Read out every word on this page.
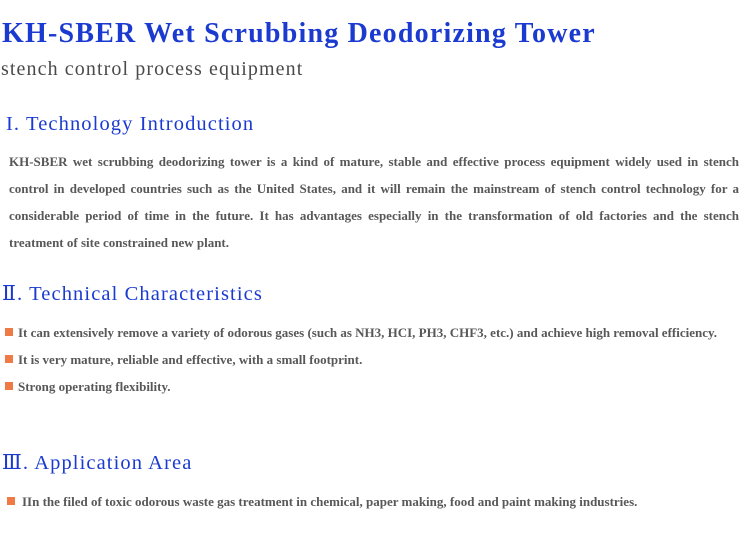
KH-SBER Wet Scrubbing Deodorizing Tower

stench control process equipment

I. Technology Introduction

KH-SBER wet scrubbing deodorizing tower is a kind of mature, stable and effective process equipment widely used in stench control in developed countries such as the United States, and it will remain the mainstream of stench control technology for a considerable period of time in the future. It has advantages especially in the transformation of old factories and the stench treatment of site constrained new plant.

Ⅱ. Technical Characteristics
It can extensively remove a variety of odorous gases (such as NH3, HCI, PH3, CHF3, etc.) and achieve high removal efficiency.
It is very mature, reliable and effective, with a small footprint.
Strong operating flexibility.
Ⅲ. Application Area
IIn the filed of toxic odorous waste gas treatment in chemical, paper making, food and paint making industries.
